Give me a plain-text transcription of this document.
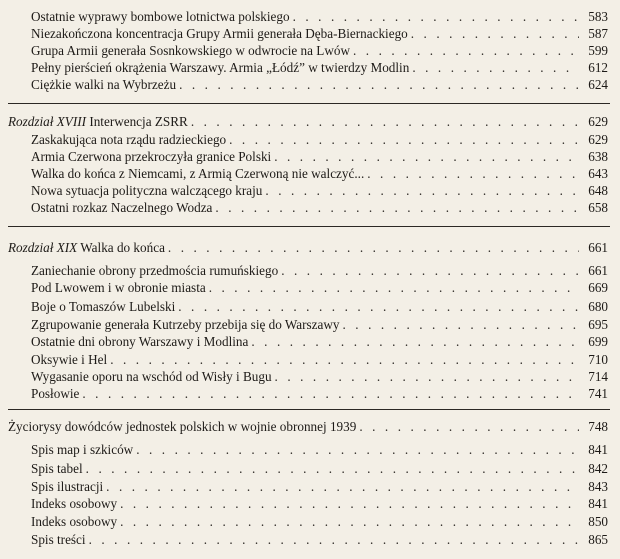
Ostatnie wyprawy bombowe lotnictwa polskiego . . .	583
Niezakończona koncentracja Grupy Armii generała Dęba-Biernackiego . . .	587
Grupa Armii generała Sosnkowskiego w odwrocie na Lwów . . .	599
Pełny pierścień okrążenia Warszawy. Armia „Łódź” w twierdzy Modlin . . .	612
Ciężkie walki na Wybrzeżu . . .	624
Rozdział XVIII Interwencja ZSRR . . .	629
Zaskakująca nota rządu radzieckiego . . .	629
Armia Czerwona przekroczyła granice Polski . . .	638
Walka do końca z Niemcami, z Armią Czerwoną nie walczyć... . . .	643
Nowa sytuacja polityczna walczącego kraju . . .	648
Ostatni rozkaz Naczelnego Wodza . . .	658
Rozdział XIX Walka do końca . . .	661
Zaniechanie obrony przedmościa rumuńskiego . . .	661
Pod Lwowem i w obronie miasta . . .	669
Boje o Tomaszów Lubelski . . .	680
Zgrupowanie generała Kutrzeby przebija się do Warszawy . . .	695
Ostatnie dni obrony Warszawy i Modlina . . .	699
Oksywie i Hel . . .	710
Wygasanie oporu na wschód od Wisły i Bugu . . .	714
Posłowie . . .	741
Życiorysy dowódców jednostek polskich w wojnie obronnej 1939 . . .	748
Spis map i szkiców . . .	841
Spis tabel . . .	842
Spis ilustracji . . .	843
Indeks osobowy . . .	841
Indeks osobowy . . .	850
Spis treści . . .	865
